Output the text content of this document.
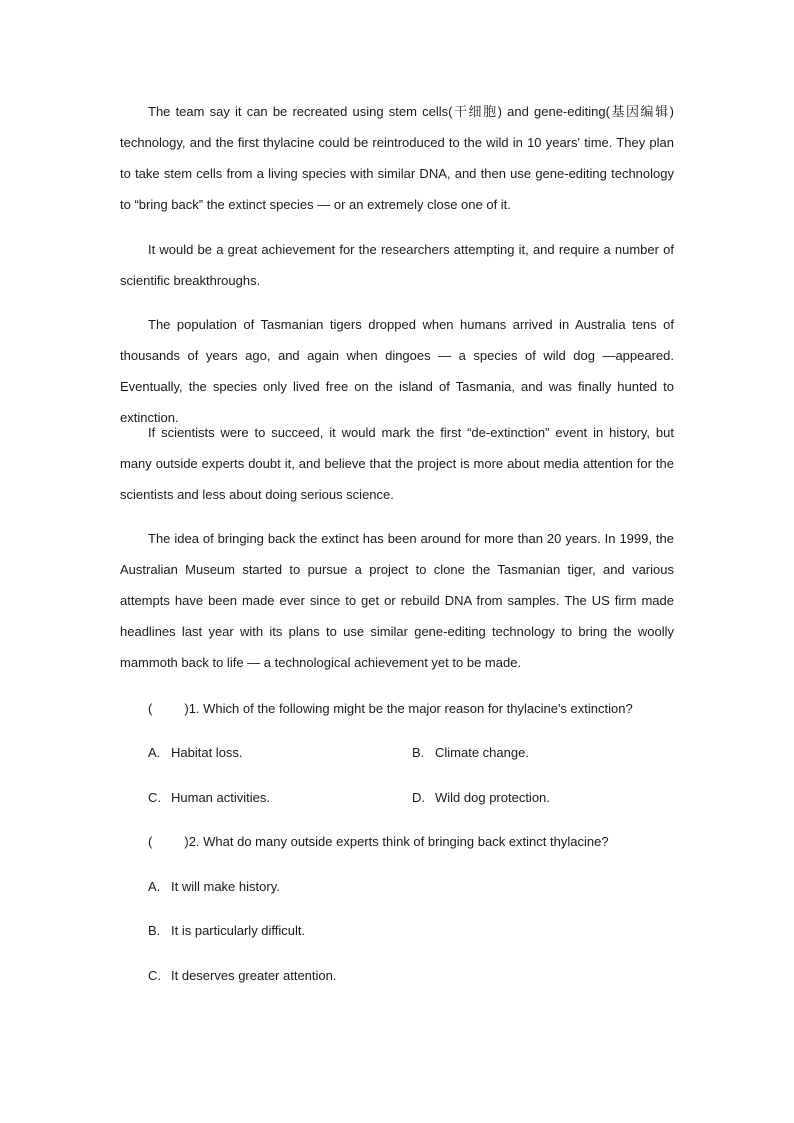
The team say it can be recreated using stem cells(干细胞) and gene-editing(基因编辑) technology, and the first thylacine could be reintroduced to the wild in 10 years' time. They plan to take stem cells from a living species with similar DNA, and then use gene-editing technology to “bring back” the extinct species — or an extremely close one of it.

It would be a great achievement for the researchers attempting it, and require a number of scientific breakthroughs.

The population of Tasmanian tigers dropped when humans arrived in Australia tens of thousands of years ago, and again when dingoes — a species of wild dog —appeared. Eventually, the species only lived free on the island of Tasmania, and was finally hunted to extinction.

If scientists were to succeed, it would mark the first “de-extinction” event in history, but many outside experts doubt it, and believe that the project is more about media attention for the scientists and less about doing serious science.

The idea of bringing back the extinct has been around for more than 20 years. In 1999, the Australian Museum started to pursue a project to clone the Tasmanian tiger, and various attempts have been made ever since to get or rebuild DNA from samples. The US firm made headlines last year with its plans to use similar gene-editing technology to bring the woolly mammoth back to life — a technological achievement yet to be made.

( )1. Which of the following might be the major reason for thylacine's extinction?
A. Habitat loss.	B. Climate change.
C. Human activities.	D. Wild dog protection.
( )2. What do many outside experts think of bringing back extinct thylacine?
A. It will make history.
B. It is particularly difficult.
C. It deserves greater attention.
